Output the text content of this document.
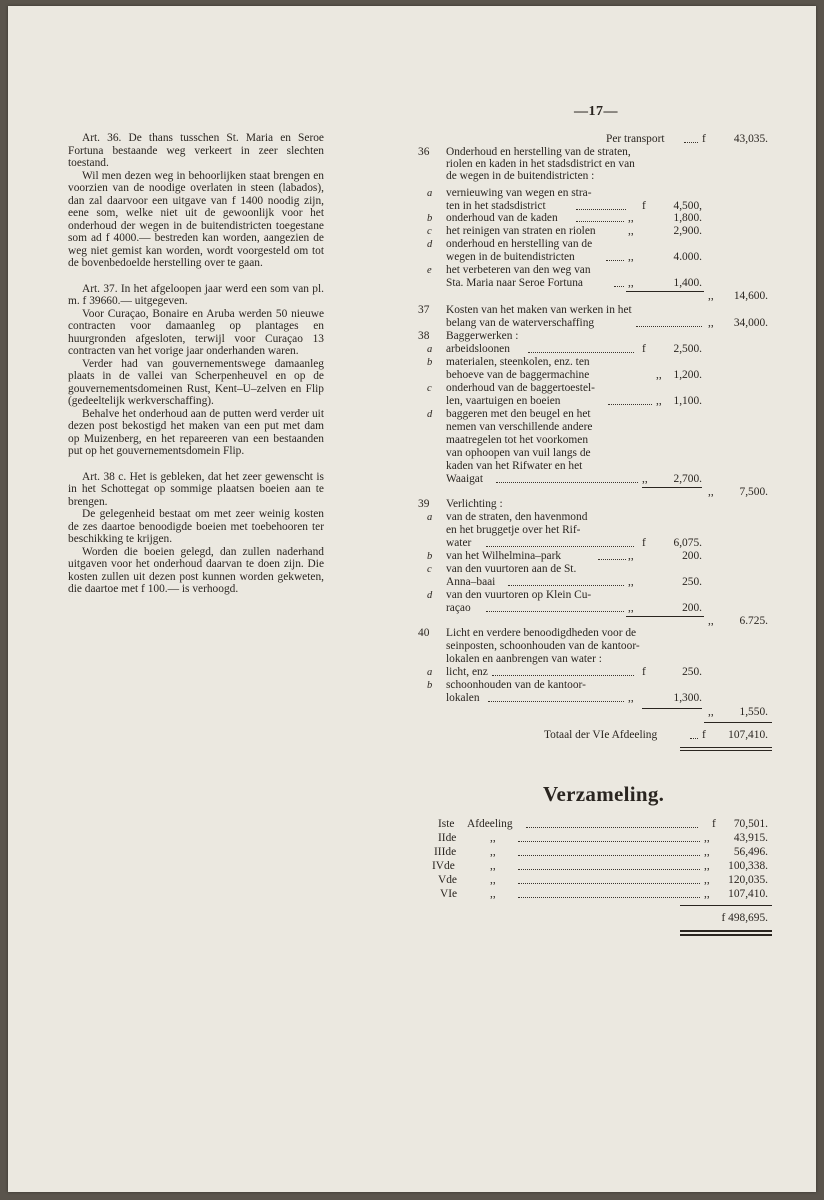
—17—

Art. 36. De thans tusschen St. Maria en Seroe Fortuna bestaande weg verkeert in zeer slechten toestand.

Wil men dezen weg in behoorlijken staat brengen en voorzien van de noodige overlaten in steen (labados), dan zal daarvoor een uitgave van f 1400 noodig zijn, eene som, welke niet uit de gewoonlijk voor het onderhoud der wegen in de buitendistricten toegestane som ad f 4000.— bestreden kan worden, aangezien de weg niet gemist kan worden, wordt voorgesteld om tot de bovenbedoelde herstelling over te gaan.

Art. 37. In het afgeloopen jaar werd een som van pl. m. f 39660.— uitgegeven.

Voor Curaçao, Bonaire en Aruba werden 50 nieuwe contracten voor damaanleg op plantages en huurgronden afgesloten, terwijl voor Curaçao 13 contracten van het vorige jaar onderhanden waren.

Verder had van gouvernementswege damaanleg plaats in de vallei van Scherpenheuvel en op de gouvernementsdomeinen Rust, Kent–U–zelven en Flip (gedeeltelijk werkverschaffing).

Behalve het onderhoud aan de putten werd verder uit dezen post bekostigd het maken van een put met dam op Muizenberg, en het repareeren van een bestaanden put op het gouvernementsdomein Flip.

Art. 38 c. Het is gebleken, dat het zeer gewenscht is in het Schottegat op sommige plaatsen boeien aan te brengen.

De gelegenheid bestaat om met zeer weinig kosten de zes daartoe benoodigde boeien met toebehooren ter beschikking te krijgen.

Worden die boeien gelegd, dan zullen naderhand uitgaven voor het onderhoud daarvan te doen zijn. Die kosten zullen uit dezen post kunnen worden gekweten, die daartoe met f 100.— is verhoogd.

Per transport	f	43,035.
36 Onderhoud en herstelling van de straten,
riolen en kaden in het stadsdistrict en van
de wegen in de buitendistricten :
a vernieuwing van wegen en stra-
ten in het stadsdistrict	f	4,500,
b onderhoud van de kaden	,,	1,800.
c het reinigen van straten en riolen	,,	2,900.
d onderhoud en herstelling van de
wegen in de buitendistricten	,,	4.000.
e het verbeteren van den weg van
Sta. Maria naar Seroe Fortuna	,,	1,400.
,,	14,600.
37 Kosten van het maken van werken in het
belang van de waterverschaffing	,,	34,000.
38 Baggerwerken :
a arbeidsloonen	f	2,500.
b materialen, steenkolen, enz. ten
behoeve van de baggermachine	,,	1,200.
c onderhoud van de baggertoestel-
len, vaartuigen en boeien	,,	1,100.
d baggeren met den beugel en het
nemen van verschillende andere
maatregelen tot het voorkomen
van ophoopen van vuil langs de
kaden van het Rifwater en het
Waaigat	,,	2,700.
,,	7,500.
39 Verlichting :
a van de straten, den havenmond
en het bruggetje over het Rif-
water	f	6,075.
b van het Wilhelmina–park	,,	200.
c van den vuurtoren aan de St.
Anna–baai	,,	250.
d van den vuurtoren op Klein Cu-
raçao	,,	200.
,,	6.725.
40 Licht en verdere benoodigdheden voor de
seinposten, schoonhouden van de kantoor-
lokalen en aanbrengen van water :
a licht, enz	f	250.
b schoonhouden van de kantoor-
lokalen	,,	1,300.
,,	1,550.
Totaal der VIe Afdeeling	f	107,410.
Verzameling.
Iste Afdeeling	f	70,501.
IIde	,,	,,	43,915.
IIIde	,,	,,	56,496.
IVde	,,	,,	100,338.
Vde	,,	,,	120,035.
VIe	,,	,,	107,410.
f 498,695.
